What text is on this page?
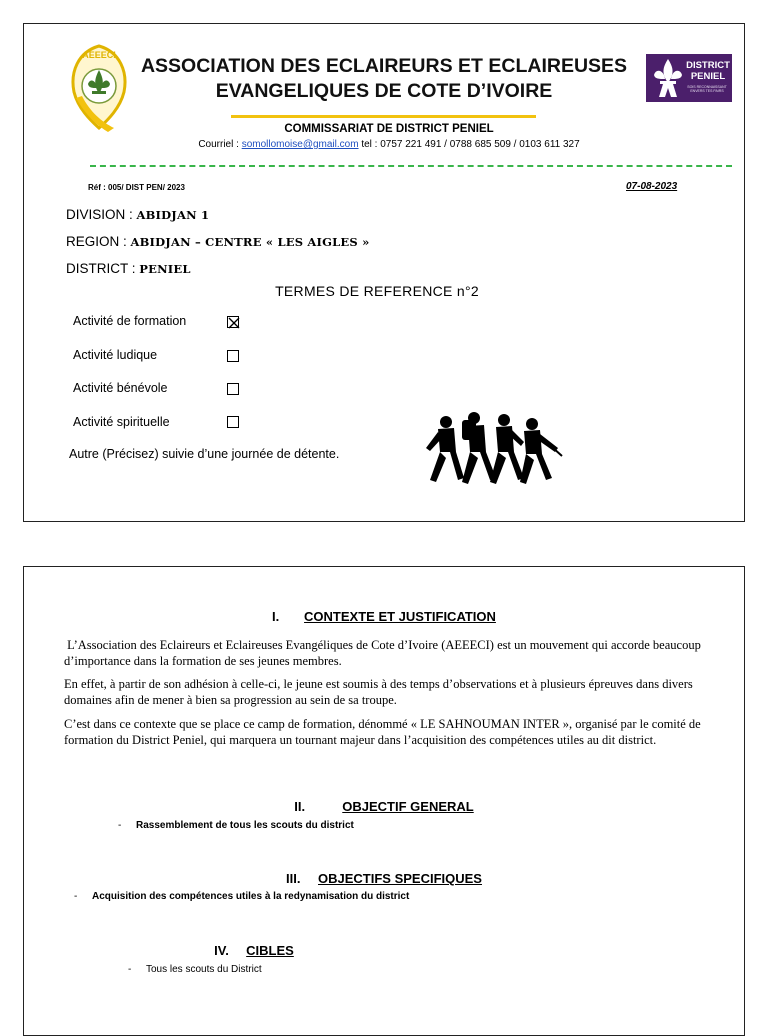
AEEECI	ASSOCIATION DES ECLAIREURS ET ECLAIREUSES
EVANGELIQUES DE COTE D’IVOIRE
DISTRICT
PENIEL
SOIS RECONNAISSANT ENVERS TES PAIRS
COMMISSARIAT DE DISTRICT PENIEL
Courriel : somollomoise@gmail.com tel : 0757 221 491 / 0788 685 509 / 0103 611 327
Réf : 005/ DIST PEN/ 2023	07-08-2023
DIVISION : ABIDJAN 1
REGION : ABIDJAN – CENTRE « LES AIGLES »
DISTRICT : PENIEL
TERMES DE REFERENCE n°2
Activité de formation
Activité ludique
Activité bénévole
Activité spirituelle
Autre (Précisez) suivie d’une journée de détente.
I. CONTEXTE ET JUSTIFICATION
L’Association des Eclaireurs et Eclaireuses Evangéliques de Cote d’Ivoire (AEEECI) est un mouvement qui accorde beaucoup d’importance dans la formation de ses jeunes membres.
En effet, à partir de son adhésion à celle-ci, le jeune est soumis à des temps d’observations et à plusieurs épreuves dans divers domaines afin de mener à bien sa progression au sein de sa troupe.
C’est dans ce contexte que se place ce camp de formation, dénommé « LE SAHNOUMAN INTER », organisé par le comité de formation du District Peniel, qui marquera un tournant majeur dans l’acquisition des compétences utiles au dit district.
II.	OBJECTIF GENERAL
- Rassemblement de tous les scouts du district
III. OBJECTIFS SPECIFIQUES
- Acquisition des compétences utiles à la redynamisation du district
IV. CIBLES
- Tous les scouts du District
